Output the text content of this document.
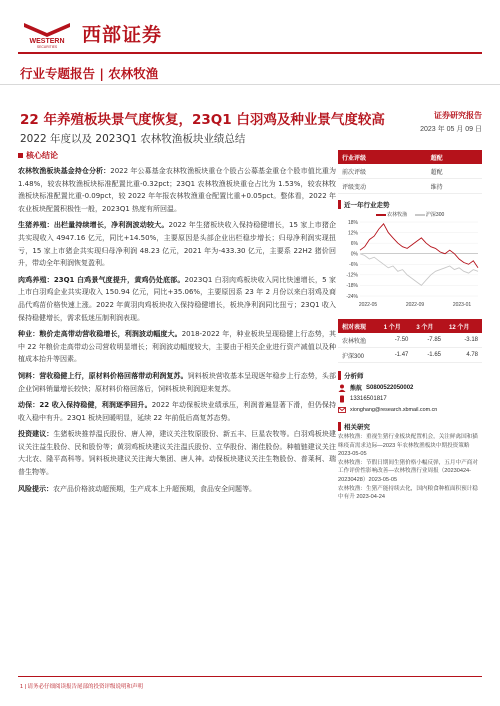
WESTERN
SECURITIES
西部证券
行业专题报告 | 农林牧渔
22 年养殖板块景气度恢复，23Q1 白羽鸡及种业景气度较高
2022 年度以及 2023Q1 农林牧渔板块业绩总结
证券研究报告
2023 年 05 月 09 日
核心结论

农林牧渔板块基金持仓分析：2022 年公募基金农林牧渔板块重仓个股占公募基金重仓个股市值比重为 1.48%，较农林牧渔板块标准配置比重-0.32pct；23Q1 农林牧渔板块重仓占比为 1.53%，较农林牧渔板块标准配置比重-0.09pct，较 2022 年年报农林牧渔重仓配置比重+0.05pct。整体看，2022 年农业板块配置积极性一般，2023Q1 热度有所回温。

生猪养殖：出栏量持续增长，净利润波动较大。2022 年生猪板块收入保持稳健增长，15 家上市猪企共实现收入 4947.16 亿元，同比+14.50%，主要原因是头部企业出栏稳步增长；归母净利润实现扭亏，15 家上市猪企共实现归母净利润 48.23 亿元，2021 年为-433.30 亿元，主要系 22H2 猪价回升，带动全年利润恢复盈利。

肉鸡养殖：23Q1 白鸡景气度提升，黄鸡仍处底部。2023Q1 白羽肉鸡板块收入同比快速增长，5 家上市白羽鸡企业共实现收入 150.94 亿元，同比+35.06%，主要原因系 23 年 2 月份以来白羽鸡及商品代鸡苗价格快速上涨。2022 年黄羽肉鸡板块收入保持稳健增长，板块净利润同比扭亏；23Q1 收入保持稳健增长，需求低迷压制利润表现。

种业：粮价走高带动营收稳增长，利润波动幅度大。2018-2022 年，种业板块呈现稳健上行态势，其中 22 年粮价走高带动公司营收明显增长；利润波动幅度较大，主要由于相关企业进行资产减值以及种植成本抬升等因素。

饲料：营收稳健上行，原材料价格回落带动利润复苏。饲料板块营收基本呈现逐年稳步上行态势，头部企业饲料销量增长较快；原材料价格回落后，饲料板块利润迎来复苏。

动保：22 收入保持稳健，利润逐季回升。2022 年动保板块业绩承压，利润普遍显著下滑，但仍保持收入稳中有升。23Q1 板块回暖明显，延续 22 年前低后高复苏态势。

投资建议：生猪板块推荐温氏股份、唐人神，建议关注牧原股份、新五丰、巨星农牧等。白羽鸡板块建议关注益生股份、民和股份等；黄羽鸡板块建议关注温氏股份、立华股份、湘佳股份。种植链建议关注大北农、隆平高科等。饲料板块建议关注海大集团、唐人神。动保板块建议关注生物股份、普莱柯、瑞普生物等。

风险提示：农产品价格波动超预期，生产成本上升超预期，食品安全问题等。

行业评级	超配
前次评级	超配
评级变动	维持
近一年行业走势
农林牧渔	沪深300
18%
12%
6%
0%
-6%
-12%
-18%
-24%
2022-05	2022-09	2023-01
相对表现	1 个月	3 个月	12 个月
农林牧渔	-7.50	-7.85	-3.18
沪深300	-1.47	-1.65	4.78
分析师
熊航 S0800522050002
13316501817
xionghang@research.xbmail.com.cn
相关研究

农林牧渔：重视生猪行业板块配置机会，关注鲜禽国和猫咪疫苗需求边际—2023 年农林牧渔板块中期投资策略 2023-05-05

农林牧渔：节假日期间生猪价格小幅反弹，五月中产商对工作评价性影响改善—农林牧渔行业周报（20230424-20230428）2023-05-05

农林牧渔：生猪产能持续去化，国内粮食种植面积预计稳中有升 2023-04-24

1 | 请务必仔细阅读报告尾部的投资评级说明和声明
